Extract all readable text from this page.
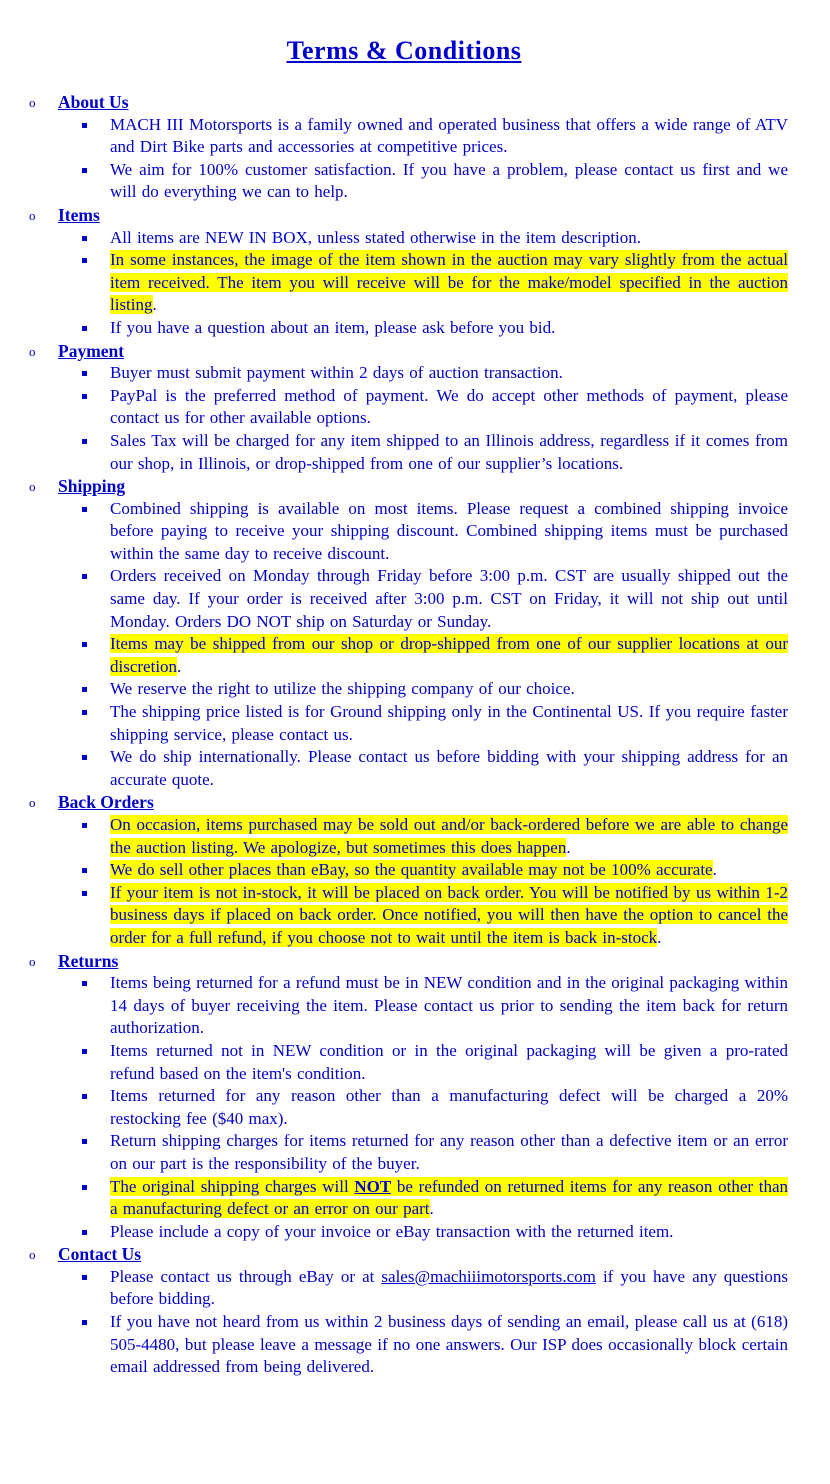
Terms & Conditions
o About Us
MACH III Motorsports is a family owned and operated business that offers a wide range of ATV and Dirt Bike parts and accessories at competitive prices.
We aim for 100% customer satisfaction. If you have a problem, please contact us first and we will do everything we can to help.
o Items
All items are NEW IN BOX, unless stated otherwise in the item description.
In some instances, the image of the item shown in the auction may vary slightly from the actual item received. The item you will receive will be for the make/model specified in the auction listing.
If you have a question about an item, please ask before you bid.
o Payment
Buyer must submit payment within 2 days of auction transaction.
PayPal is the preferred method of payment. We do accept other methods of payment, please contact us for other available options.
Sales Tax will be charged for any item shipped to an Illinois address, regardless if it comes from our shop, in Illinois, or drop-shipped from one of our supplier’s locations.
o Shipping
Combined shipping is available on most items. Please request a combined shipping invoice before paying to receive your shipping discount. Combined shipping items must be purchased within the same day to receive discount.
Orders received on Monday through Friday before 3:00 p.m. CST are usually shipped out the same day. If your order is received after 3:00 p.m. CST on Friday, it will not ship out until Monday. Orders DO NOT ship on Saturday or Sunday.
Items may be shipped from our shop or drop-shipped from one of our supplier locations at our discretion.
We reserve the right to utilize the shipping company of our choice.
The shipping price listed is for Ground shipping only in the Continental US. If you require faster shipping service, please contact us.
We do ship internationally. Please contact us before bidding with your shipping address for an accurate quote.
o Back Orders
On occasion, items purchased may be sold out and/or back-ordered before we are able to change the auction listing. We apologize, but sometimes this does happen.
We do sell other places than eBay, so the quantity available may not be 100% accurate.
If your item is not in-stock, it will be placed on back order. You will be notified by us within 1-2 business days if placed on back order. Once notified, you will then have the option to cancel the order for a full refund, if you choose not to wait until the item is back in-stock.
o Returns
Items being returned for a refund must be in NEW condition and in the original packaging within 14 days of buyer receiving the item. Please contact us prior to sending the item back for return authorization.
Items returned not in NEW condition or in the original packaging will be given a pro-rated refund based on the item's condition.
Items returned for any reason other than a manufacturing defect will be charged a 20% restocking fee ($40 max).
Return shipping charges for items returned for any reason other than a defective item or an error on our part is the responsibility of the buyer.
The original shipping charges will NOT be refunded on returned items for any reason other than a manufacturing defect or an error on our part.
Please include a copy of your invoice or eBay transaction with the returned item.
o Contact Us
Please contact us through eBay or at sales@machiiimotorsports.com if you have any questions before bidding.
If you have not heard from us within 2 business days of sending an email, please call us at (618) 505-4480, but please leave a message if no one answers. Our ISP does occasionally block certain email addressed from being delivered.
